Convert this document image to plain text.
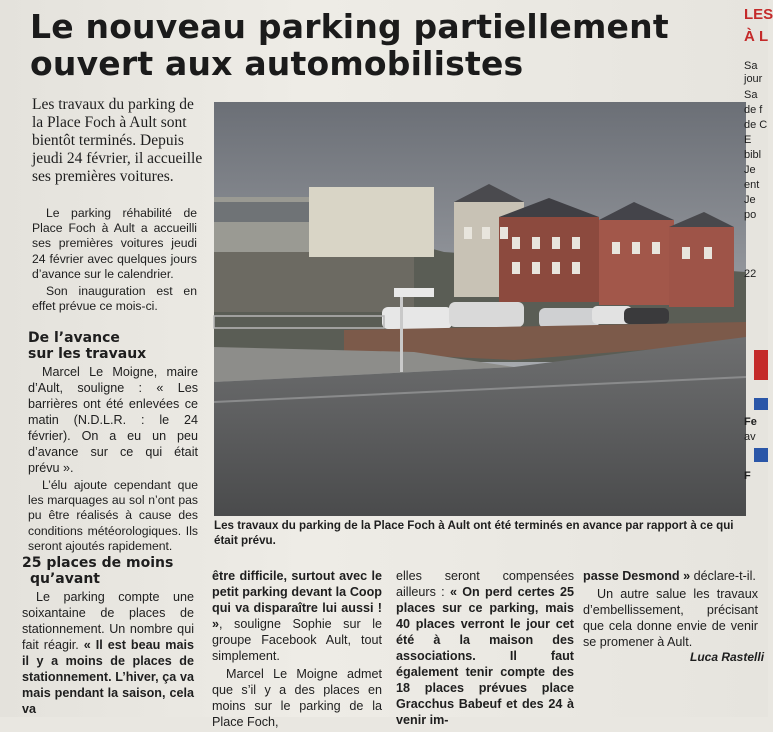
Le nouveau parking partiellement
ouvert aux automobilistes
Les travaux du parking de la Place Foch à Ault sont bientôt terminés. Depuis jeudi 24 février, il accueille ses premières voitures.

Le parking réhabilité de Place Foch à Ault a accueilli ses premières voitures jeudi 24 février avec quelques jours d’avance sur le calendrier.

Son inauguration est en effet prévue ce mois-ci.

De l’avance
sur les travaux

Marcel Le Moigne, maire d’Ault, souligne : « Les barrières ont été enlevées ce matin (N.D.L.R. : le 24 février). On a eu un peu d’avance sur ce qui était prévu ».

L’élu ajoute cependant que les marquages au sol n’ont pas pu être réalisés à cause des conditions météorologiques. Ils seront ajoutés rapidement.

25 places de moins
qu’avant

Le parking compte une soixantaine de places de stationnement. Un nombre qui fait réagir. « Il est beau mais il y a moins de places de stationnement. L’hiver, ça va mais pendant la saison, cela va

Les travaux du parking de la Place Foch à Ault ont été terminés en avance par rapport à ce qui était prévu.

être difficile, surtout avec le petit parking devant la Coop qui va disparaître lui aussi ! », souligne Sophie sur le groupe Facebook Ault, tout simplement.

Marcel Le Moigne admet que s’il y a des places en moins sur le parking de la Place Foch,

elles seront compensées ailleurs : « On perd certes 25 places sur ce parking, mais 40 places verront le jour cet été à la maison des associations. Il faut également tenir compte des 18 places prévues place Gracchus Babeuf et des 24 à venir im-

passe Desmond » déclare-t-il.

Un autre salue les travaux d’embellissement, précisant que cela donne envie de venir se promener à Ault.

Luca Rastelli
LES
À L
Sa
jour
Sa
de f
de C
E
bibl
Je
ent
Je
po
22
Fe
av
F
